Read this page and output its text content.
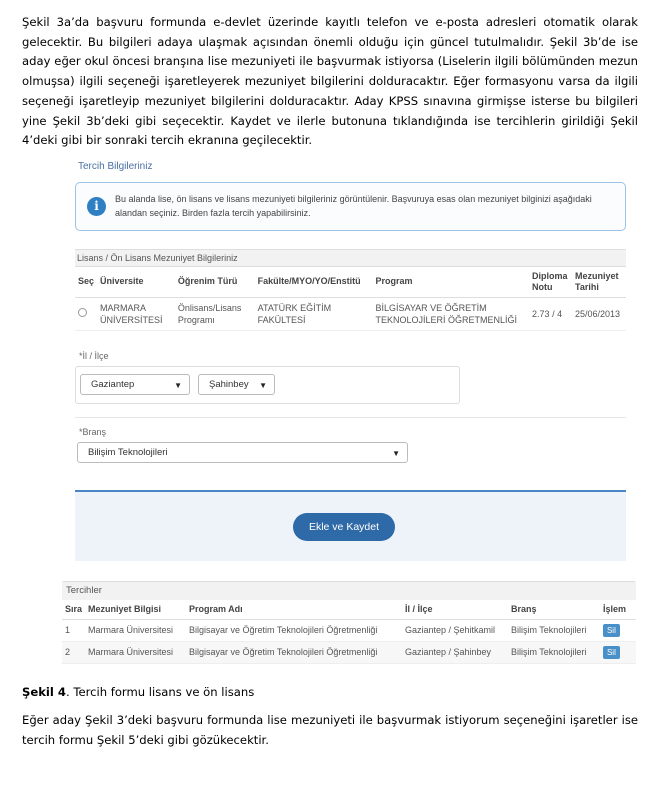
Şekil 3a’da başvuru formunda e-devlet üzerinde kayıtlı telefon ve e-posta adresleri otomatik olarak gelecektir. Bu bilgileri adaya ulaşmak açısından önemli olduğu için güncel tutulmalıdır. Şekil 3b’de ise aday eğer okul öncesi branşına lise mezuniyeti ile başvurmak istiyorsa (Liselerin ilgili bölümünden mezun olmuşsa) ilgili seçeneği işaretleyerek mezuniyet bilgilerini dolduracaktır. Eğer formasyonu varsa da ilgili seçeneği işaretleyip mezuniyet bilgilerini dolduracaktır. Aday KPSS sınavına girmişse isterse bu bilgileri yine Şekil 3b’deki gibi seçecektir. Kaydet ve ilerle butonuna tıklandığında ise tercihlerin girildiği Şekil 4’deki gibi bir sonraki tercih ekranına geçilecektir.

Tercih Bilgileriniz
i	Bu alanda lise, ön lisans ve lisans mezuniyeti bilgileriniz görüntülenir. Başvuruya esas olan mezuniyet bilginizi aşağıdaki alandan seçiniz. Birden fazla tercih yapabilirsiniz.
Lisans / Ön Lisans Mezuniyet Bilgileriniz
Seç	Üniversite	Öğrenim Türü	Fakülte/MYO/YO/Enstitü	Program	Diploma Notu	Mezuniyet Tarihi
	MARMARA ÜNİVERSİTESİ	Önlisans/Lisans Programı	ATATÜRK EĞİTİM FAKÜLTESİ	BİLGİSAYAR VE ÖĞRETİM TEKNOLOJİLERİ ÖĞRETMENLİĞİ	2.73 / 4	25/06/2013
*İl / İlçe
Gaziantep	▼	Şahinbey ▼
*Branş
Bilişim Teknolojileri	▼
Ekle ve Kaydet
Tercihler
Sıra	Mezuniyet Bilgisi	Program Adı	İl / İlçe	Branş	İşlem
1	Marmara Üniversitesi	Bilgisayar ve Öğretim Teknolojileri Öğretmenliği	Gaziantep / Şehitkamil	Bilişim Teknolojileri	Sil
2	Marmara Üniversitesi	Bilgisayar ve Öğretim Teknolojileri Öğretmenliği	Gaziantep / Şahinbey	Bilişim Teknolojileri	Sil

Şekil 4. Tercih formu lisans ve ön lisans

Eğer aday Şekil 3’deki başvuru formunda lise mezuniyeti ile başvurmak istiyorum seçeneğini işaretler ise tercih formu Şekil 5’deki gibi gözükecektir.
